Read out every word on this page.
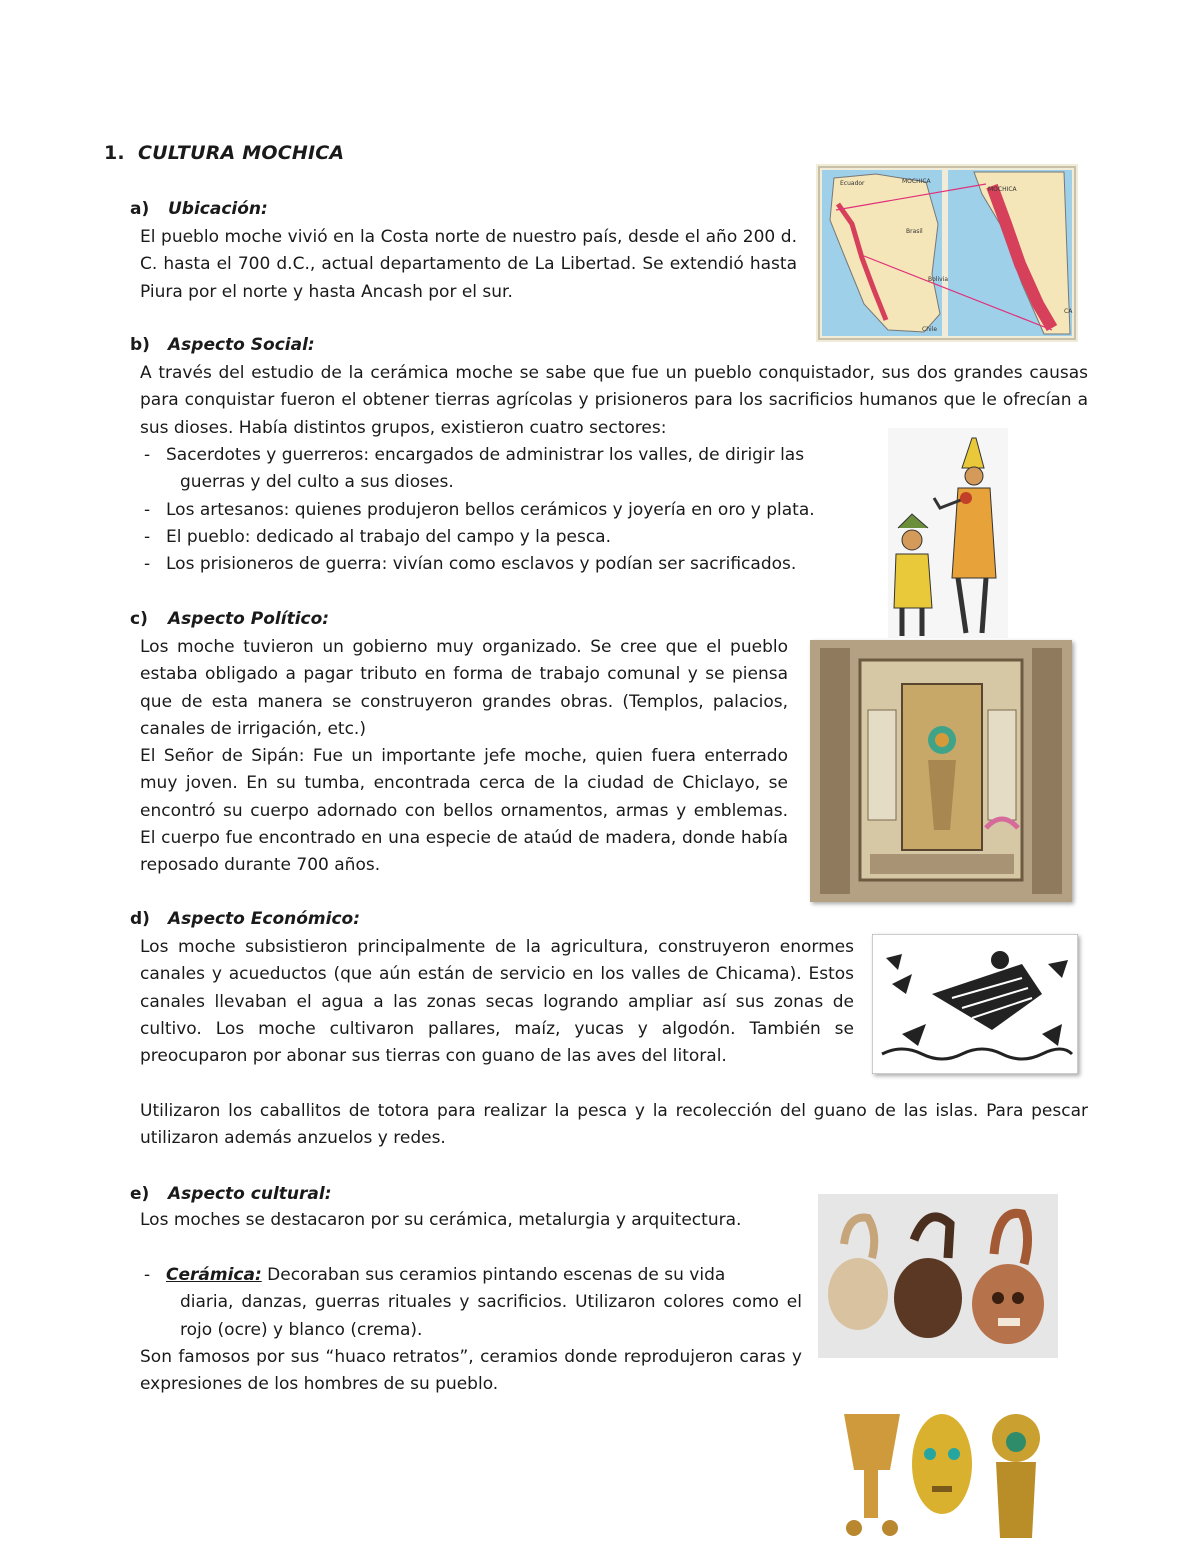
1. CULTURA MOCHICA
a) Ubicación:

El pueblo moche vivió en la Costa norte de nuestro país, desde el año 200 d. C. hasta el 700 d.C., actual departamento de La Libertad. Se extendió hasta Piura por el norte y hasta Ancash por el sur.

Ecuador	MOCHICA
Brasil
Bolivia
Chile
MOCHICA
CA
b) Aspecto Social:

A través del estudio de la cerámica moche se sabe que fue un pueblo conquistador, sus dos grandes causas para conquistar fueron el obtener tierras agrícolas y prisioneros para los sacrificios humanos que le ofrecían a sus dioses. Había distintos grupos, existieron cuatro sectores:

- Sacerdotes y guerreros: encargados de administrar los valles, de dirigir las
guerras y del culto a sus dioses.
- Los artesanos: quienes produjeron bellos cerámicos y joyería en oro y plata.
- El pueblo: dedicado al trabajo del campo y la pesca.
- Los prisioneros de guerra: vivían como esclavos y podían ser sacrificados.
c) Aspecto Político:

Los moche tuvieron un gobierno muy organizado. Se cree que el pueblo estaba obligado a pagar tributo en forma de trabajo comunal y se piensa que de esta manera se construyeron grandes obras. (Templos, palacios, canales de irrigación, etc.)

El Señor de Sipán: Fue un importante jefe moche, quien fuera enterrado muy joven. En su tumba, encontrada cerca de la ciudad de Chiclayo, se encontró su cuerpo adornado con bellos ornamentos, armas y emblemas. El cuerpo fue encontrado en una especie de ataúd de madera, donde había reposado durante 700 años.

d) Aspecto Económico:

Los moche subsistieron principalmente de la agricultura, construyeron enormes canales y acueductos (que aún están de servicio en los valles de Chicama). Estos canales llevaban el agua a las zonas secas logrando ampliar así sus zonas de cultivo. Los moche cultivaron pallares, maíz, yucas y algodón. También se preocuparon por abonar sus tierras con guano de las aves del litoral.

Utilizaron los caballitos de totora para realizar la pesca y la recolección del guano de las islas. Para pescar utilizaron además anzuelos y redes.

e) Aspecto cultural:

Los moches se destacaron por su cerámica, metalurgia y arquitectura.

- Cerámica: Decoraban sus ceramios pintando escenas de su vida
diaria, danzas, guerras rituales y sacrificios. Utilizaron colores como el rojo (ocre) y blanco (crema).

Son famosos por sus “huaco retratos”, ceramios donde reprodujeron caras y expresiones de los hombres de su pueblo.
